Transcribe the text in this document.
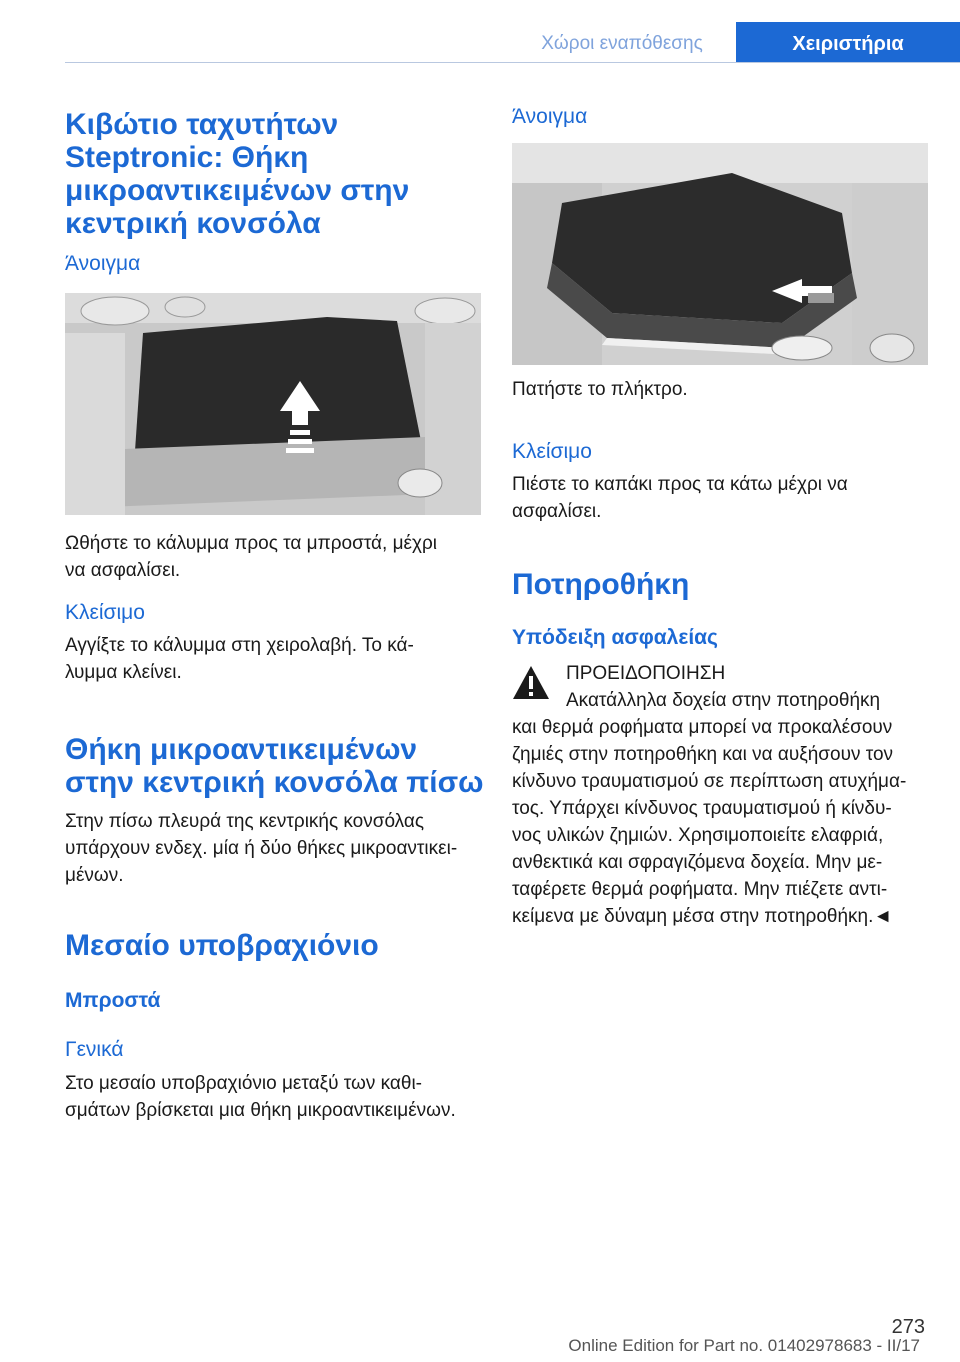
Χώροι εναπόθεσης	Χειριστήρια
Κιβώτιο ταχυτήτων
Steptronic: Θήκη
μικροαντικειμένων στην
κεντρική κονσόλα
Άνοιγμα
Ωθήστε το κάλυμμα προς τα μπροστά, μέχρι
να ασφαλίσει.
Κλείσιμο
Αγγίξτε το κάλυμμα στη χειρολαβή. Το κά-
λυμμα κλείνει.
Θήκη μικροαντικειμένων
στην κεντρική κονσόλα πίσω
Στην πίσω πλευρά της κεντρικής κονσόλας
υπάρχουν ενδεχ. μία ή δύο θήκες μικροαντικει-
μένων.
Μεσαίο υποβραχιόνιο
Μπροστά
Γενικά
Στο μεσαίο υποβραχιόνιο μεταξύ των καθι-
σμάτων βρίσκεται μια θήκη μικροαντικειμένων.
Άνοιγμα
Πατήστε το πλήκτρο.
Κλείσιμο
Πιέστε το καπάκι προς τα κάτω μέχρι να
ασφαλίσει.
Ποτηροθήκη
Υπόδειξη ασφαλείας
ΠΡΟΕΙΔΟΠΟΙΗΣΗ
Ακατάλληλα δοχεία στην ποτηροθήκη
και θερμά ροφήματα μπορεί να προκαλέσουν
ζημιές στην ποτηροθήκη και να αυξήσουν τον
κίνδυνο τραυματισμού σε περίπτωση ατυχήμα-
τος. Υπάρχει κίνδυνος τραυματισμού ή κίνδυ-
νος υλικών ζημιών. Χρησιμοποιείτε ελαφριά,
ανθεκτικά και σφραγιζόμενα δοχεία. Μην με-
ταφέρετε θερμά ροφήματα. Μην πιέζετε αντι-
κείμενα με δύναμη μέσα στην ποτηροθήκη.◄
273
Online Edition for Part no. 01402978683 - II/17
